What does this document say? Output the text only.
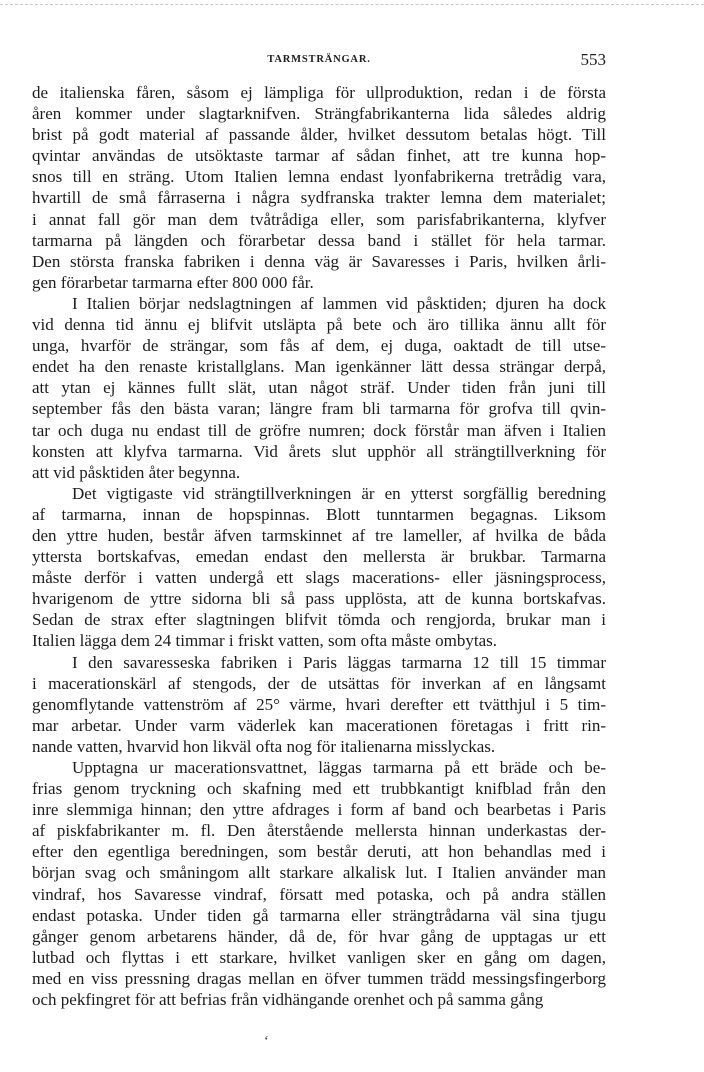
TARMSTRÄNGAR.	553
de italienska fåren, såsom ej lämpliga för ullproduktion, redan i de första
åren kommer under slagtarknifven. Strängfabrikanterna lida således aldrig
brist på godt material af passande ålder, hvilket dessutom betalas högt. Till
qvintar användas de utsöktaste tarmar af sådan finhet, att tre kunna hop-
snos till en sträng. Utom Italien lemna endast lyonfabrikerna tretrådig vara,
hvartill de små fårraserna i några sydfranska trakter lemna dem materialet;
i annat fall gör man dem tvåtrådiga eller, som parisfabrikanterna, klyfver
tarmarna på längden och förarbetar dessa band i stället för hela tarmar.
Den största franska fabriken i denna väg är Savaresses i Paris, hvilken årli-
gen förarbetar tarmarna efter 800 000 får.
I Italien börjar nedslagtningen af lammen vid påsktiden; djuren ha dock
vid denna tid ännu ej blifvit utsläpta på bete och äro tillika ännu allt för
unga, hvarför de strängar, som fås af dem, ej duga, oaktadt de till utse-
endet ha den renaste kristallglans. Man igenkänner lätt dessa strängar derpå,
att ytan ej kännes fullt slät, utan något sträf. Under tiden från juni till
september fås den bästa varan; längre fram bli tarmarna för grofva till qvin-
tar och duga nu endast till de gröfre numren; dock förstår man äfven i Italien
konsten att klyfva tarmarna. Vid årets slut upphör all strängtillverkning för
att vid påsktiden åter begynna.
Det vigtigaste vid strängtillverkningen är en ytterst sorgfällig beredning
af tarmarna, innan de hopspinnas. Blott tunntarmen begagnas. Liksom
den yttre huden, består äfven tarmskinnet af tre lameller, af hvilka de båda
yttersta bortskafvas, emedan endast den mellersta är brukbar. Tarmarna
måste derför i vatten undergå ett slags macerations- eller jäsningsprocess,
hvarigenom de yttre sidorna bli så pass upplösta, att de kunna bortskafvas.
Sedan de strax efter slagtningen blifvit tömda och rengjorda, brukar man i
Italien lägga dem 24 timmar i friskt vatten, som ofta måste ombytas.
I den savaresseska fabriken i Paris läggas tarmarna 12 till 15 timmar
i macerationskärl af stengods, der de utsättas för inverkan af en långsamt
genomflytande vattenström af 25° värme, hvari derefter ett tvätthjul i 5 tim-
mar arbetar. Under varm väderlek kan macerationen företagas i fritt rin-
nande vatten, hvarvid hon likväl ofta nog för italienarna misslyckas.
Upptagna ur macerationsvattnet, läggas tarmarna på ett bräde och be-
frias genom tryckning och skafning med ett trubbkantigt knifblad från den
inre slemmiga hinnan; den yttre afdrages i form af band och bearbetas i Paris
af piskfabrikanter m. fl. Den återstående mellersta hinnan underkastas der-
efter den egentliga beredningen, som består deruti, att hon behandlas med i
början svag och småningom allt starkare alkalisk lut. I Italien använder man
vindraf, hos Savaresse vindraf, försatt med potaska, och på andra ställen
endast potaska. Under tiden gå tarmarna eller strängtrådarna väl sina tjugu
gånger genom arbetarens händer, då de, för hvar gång de upptagas ur ett
lutbad och flyttas i ett starkare, hvilket vanligen sker en gång om dagen,
med en viss pressning dragas mellan en öfver tummen trädd messingsfingerborg
och pekfingret för att befrias från vidhängande orenhet och på samma gång
ʻ
